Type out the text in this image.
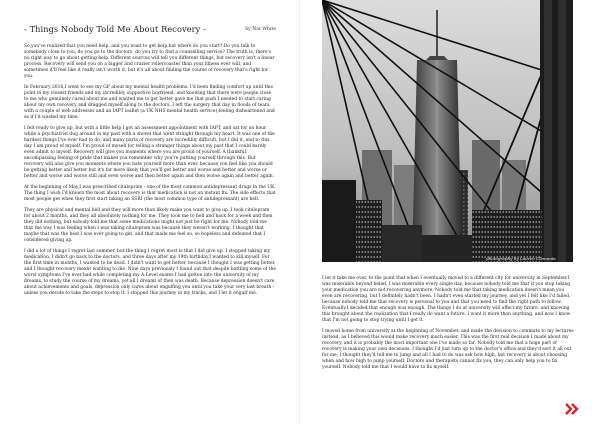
- Things Nobody Told Me About Recovery -	by Nat White

So,you've realized that you need help, and you want to get help,but where do you start? Do you talk to somebody close to you, do you go to the doctors, do you try to find a counselling service? The truth is, there's no right way to go about getting help. Different sources will tell you different things, but recovery isn't a linear process. Recovery will send you on a bigger and crazier rollercoaster than your illness ever will, and sometimes it'll feel like it really isn't worth it, but it's all about finding the course of recovery that's right for you.

In February 2016,I went to see my GP about my mental health problems. I'd been finding comfort up until this point in my closest friends and my incredibly supportive boyfriend, and knowing that there were people close to me who genuinely cared about me and wanted me to get better gave me that push I needed to start caring about my own recovery and dragged myself along to the doctors. I left the surgery that day in floods of tears, with a couple of web addresses and an IAPT leaflet (a UK NHS mental health service),feeling disheartened and as if I'd wasted my time.

I felt ready to give up, but with a little help I got an assessment appointment with IAPT, and sat for an hour while a psychiatrist dug around in my past with a shovel that went straight through my heart. It was one of the hardest things I've ever had to do, and many parts of recovery are incredibly difficult, but I did it, and to this day I am proud of myself. I'm proud of myself for telling a stranger things about my past that I could barely even admit to myself. Recovery will give you moments where you are proud of yourself. A thankful, encompassing feeling of pride that makes you remember why you're putting yourself through this. But recovery will also give you moments where you hate yourself more than ever, because you feel like you should be getting better and better but it's far more likely that you'll get better and worse and better and worse or better and worse and worse still and even worse and then better again and then worse again and better again.

At the beginning of May,I was prescribed citalopram - one of the most common antidepressant drugs in the UK. The thing I wish I'd known the most about recovery is that medication is not an instant fix. The side effects that most people get when they first start taking an SSRI (the most common type of antidepressant) are hell.

They are physical and mental hell and they will more than likely make you want to give up. I took citalopram for about 2 months, and they all absolutely nothing for me. They took me to hell and back for a week and then they did nothing, but nobody told me that some medications might not just be right for me. Nobody told me that the way I was feeling when I was taking citalopram was because they weren't working. I thought that maybe that was the best I was ever going to get, and that made me feel so, so hopeless and defeated that I considered giving up.

I did a lot of things I regret last summer, but the thing I regret most is that I did give up. I stopped taking my medication, I didn't go back to the doctors, and three days after my 19th birthday,I wanted to kill myself. For the first time in months, I wanted to be dead. I didn't want to get better, because I thought I was getting better, and I thought recovery meant wanting to die. Nine days previously I found out that despite battling some of the worst symptoms I've ever had while completing my A-Level exams I had gotten into the university of my dreams, to study the course of my dreams, yet all I dreamt of then was death. Because depression doesn't care about achievements and goals, depression only cares about engulfing you until you take your very last breath - unless you decide to take the steps to stop it. I stopped this journey in my tracks, and I let it engulf me.

photography by Lauren Clements

I let it take me over, to the point that when I eventually moved to a different city for university in September,I was miserable beyond belief. I was miserable every single day, because nobody told me that if you stop taking your medication you are not recovering anymore. Nobody told me that taking medication doesn't mean you even are recovering, but I definitely hadn't been. I hadn't even started my journey, and yet I felt like I'd failed, because nobody told me that recovery is personal to you and that you need to find the right path to follow. Eventually,I decided that enough was enough. The things I do at university will affect my future, and knowing this brought about the realization that I really do want a future. I want it more than anything, and now I know that I'm not going to stop trying until I get it.

I moved home from university at the beginning of November, and made the decision to commute to my lectures instead, as I believed this would make recovery much easier. This was the first real decision I made about my recovery, and it is probably the most important one I've made so far. Nobody told me that a huge part of recovery is making your own decisions. I thought I'd just turn up to the doctor's office and they'd sort it all out for me; I thought they'd tell me to jump and all I had to do was ask how high, but recovery is about choosing when and how high to jump yourself. Doctors and therapists cannot fix you, they can only help you to fix yourself. Nobody told me that I would have to fix myself.
